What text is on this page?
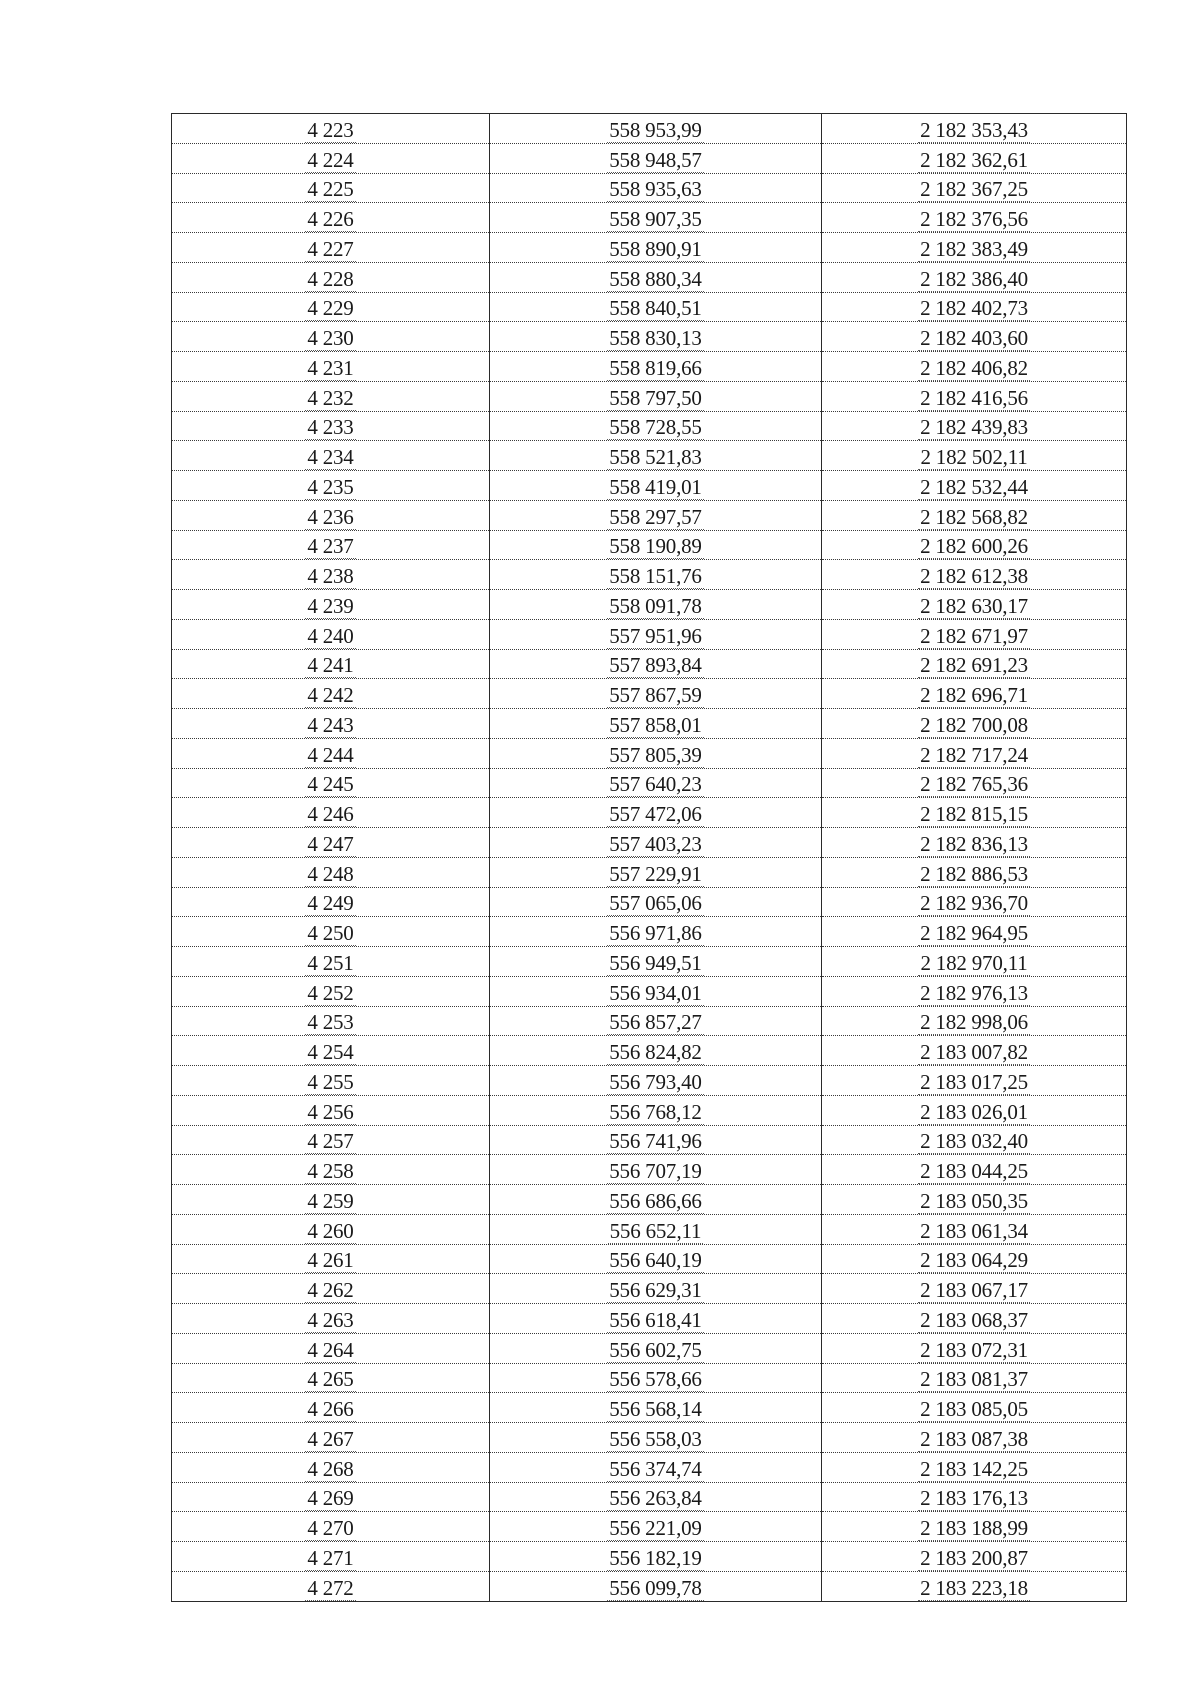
4 223	558 953,99	2 182 353,43
4 224	558 948,57	2 182 362,61
4 225	558 935,63	2 182 367,25
4 226	558 907,35	2 182 376,56
4 227	558 890,91	2 182 383,49
4 228	558 880,34	2 182 386,40
4 229	558 840,51	2 182 402,73
4 230	558 830,13	2 182 403,60
4 231	558 819,66	2 182 406,82
4 232	558 797,50	2 182 416,56
4 233	558 728,55	2 182 439,83
4 234	558 521,83	2 182 502,11
4 235	558 419,01	2 182 532,44
4 236	558 297,57	2 182 568,82
4 237	558 190,89	2 182 600,26
4 238	558 151,76	2 182 612,38
4 239	558 091,78	2 182 630,17
4 240	557 951,96	2 182 671,97
4 241	557 893,84	2 182 691,23
4 242	557 867,59	2 182 696,71
4 243	557 858,01	2 182 700,08
4 244	557 805,39	2 182 717,24
4 245	557 640,23	2 182 765,36
4 246	557 472,06	2 182 815,15
4 247	557 403,23	2 182 836,13
4 248	557 229,91	2 182 886,53
4 249	557 065,06	2 182 936,70
4 250	556 971,86	2 182 964,95
4 251	556 949,51	2 182 970,11
4 252	556 934,01	2 182 976,13
4 253	556 857,27	2 182 998,06
4 254	556 824,82	2 183 007,82
4 255	556 793,40	2 183 017,25
4 256	556 768,12	2 183 026,01
4 257	556 741,96	2 183 032,40
4 258	556 707,19	2 183 044,25
4 259	556 686,66	2 183 050,35
4 260	556 652,11	2 183 061,34
4 261	556 640,19	2 183 064,29
4 262	556 629,31	2 183 067,17
4 263	556 618,41	2 183 068,37
4 264	556 602,75	2 183 072,31
4 265	556 578,66	2 183 081,37
4 266	556 568,14	2 183 085,05
4 267	556 558,03	2 183 087,38
4 268	556 374,74	2 183 142,25
4 269	556 263,84	2 183 176,13
4 270	556 221,09	2 183 188,99
4 271	556 182,19	2 183 200,87
4 272	556 099,78	2 183 223,18
